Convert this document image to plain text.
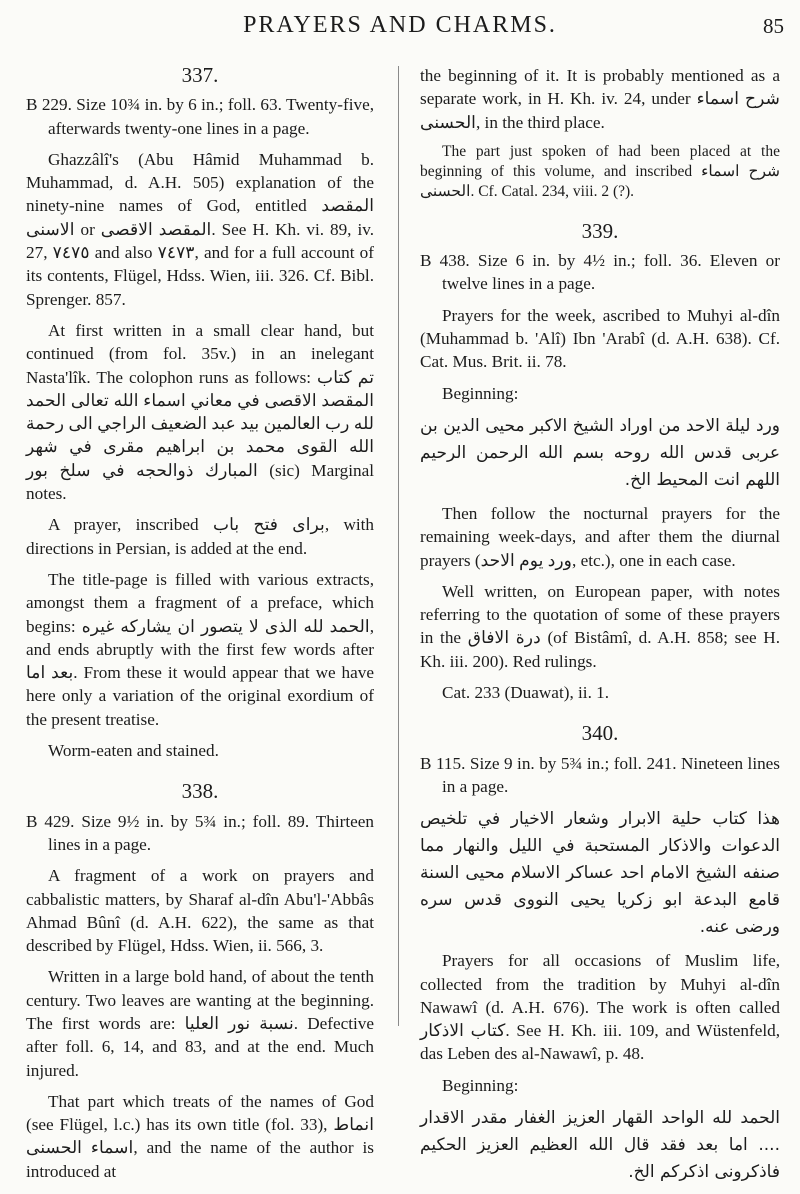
PRAYERS AND CHARMS.	85
337.

B 229. Size 10¾ in. by 6 in.; foll. 63. Twenty-five, afterwards twenty-one lines in a page.

Ghazzâlî's (Abu Hâmid Muhammad b. Muhammad, d. A.H. 505) explanation of the ninety-nine names of God, entitled المقصد الاسنى or المقصد الاقصى. See H. Kh. vi. 89, iv. 27, ٧٤٧٥ and also ٧٤٧٣, and for a full account of its contents, Flügel, Hdss. Wien, iii. 326. Cf. Bibl. Sprenger. 857.

At first written in a small clear hand, but continued (from fol. 35v.) in an inelegant Nasta'lîk. The colophon runs as follows: تم كتاب المقصد الاقصى في معاني اسماء الله تعالى الحمد لله رب العالمين بيد عبد الضعيف الراجي الى رحمة الله القوى محمد بن ابراهيم مقرى في شهر المبارك ذوالحجه في سلخ بور (sic) Marginal notes.

A prayer, inscribed براى فتح باب, with directions in Persian, is added at the end.

The title-page is filled with various extracts, amongst them a fragment of a preface, which begins: الحمد لله الذى لا يتصور ان يشاركه غيره, and ends abruptly with the first few words after بعد اما. From these it would appear that we have here only a variation of the original exordium of the present treatise.

Worm-eaten and stained.

338.

B 429. Size 9½ in. by 5¾ in.; foll. 89. Thirteen lines in a page.

A fragment of a work on prayers and cabbalistic matters, by Sharaf al-dîn Abu'l-'Abbâs Ahmad Bûnî (d. A.H. 622), the same as that described by Flügel, Hdss. Wien, ii. 566, 3.

Written in a large bold hand, of about the tenth century. Two leaves are wanting at the beginning. The first words are: نسبة نور العليا. Defective after foll. 6, 14, and 83, and at the end. Much injured.

That part which treats of the names of God (see Flügel, l.c.) has its own title (fol. 33), انماط اسماء الحسنى, and the name of the author is introduced at

the beginning of it. It is probably mentioned as a separate work, in H. Kh. iv. 24, under شرح اسماء الحسنى, in the third place.

The part just spoken of had been placed at the beginning of this volume, and inscribed شرح اسماء الحسنى. Cf. Catal. 234, viii. 2 (?).

339.

B 438. Size 6 in. by 4½ in.; foll. 36. Eleven or twelve lines in a page.

Prayers for the week, ascribed to Muhyi al-dîn (Muhammad b. 'Alî) Ibn 'Arabî (d. A.H. 638). Cf. Cat. Mus. Brit. ii. 78.

Beginning:

ورد ليلة الاحد من اوراد الشيخ الاكبر محيى الدين بن عربى قدس الله روحه بسم الله الرحمن الرحيم اللهم انت المحيط الخ.

Then follow the nocturnal prayers for the remaining week-days, and after them the diurnal prayers (ورد يوم الاحد, etc.), one in each case.

Well written, on European paper, with notes referring to the quotation of some of these prayers in the درة الافاق (of Bistâmî, d. A.H. 858; see H. Kh. iii. 200). Red rulings.

Cat. 233 (Duawat), ii. 1.

340.

B 115. Size 9 in. by 5¾ in.; foll. 241. Nineteen lines in a page.

هذا كتاب حلية الابرار وشعار الاخيار في تلخيص الدعوات والاذكار المستحبة في الليل والنهار مما صنفه الشيخ الامام احد عساكر الاسلام محيى السنة قامع البدعة ابو زكريا يحيى النووى قدس سره ورضى عنه.

Prayers for all occasions of Muslim life, collected from the tradition by Muhyi al-dîn Nawawî (d. A.H. 676). The work is often called كتاب الاذكار. See H. Kh. iii. 109, and Wüstenfeld, das Leben des al-Nawawî, p. 48.

Beginning:

الحمد لله الواحد القهار العزيز الغفار مقدر الاقدار .... اما بعد فقد قال الله العظيم العزيز الحكيم فاذكرونى اذكركم الخ.
